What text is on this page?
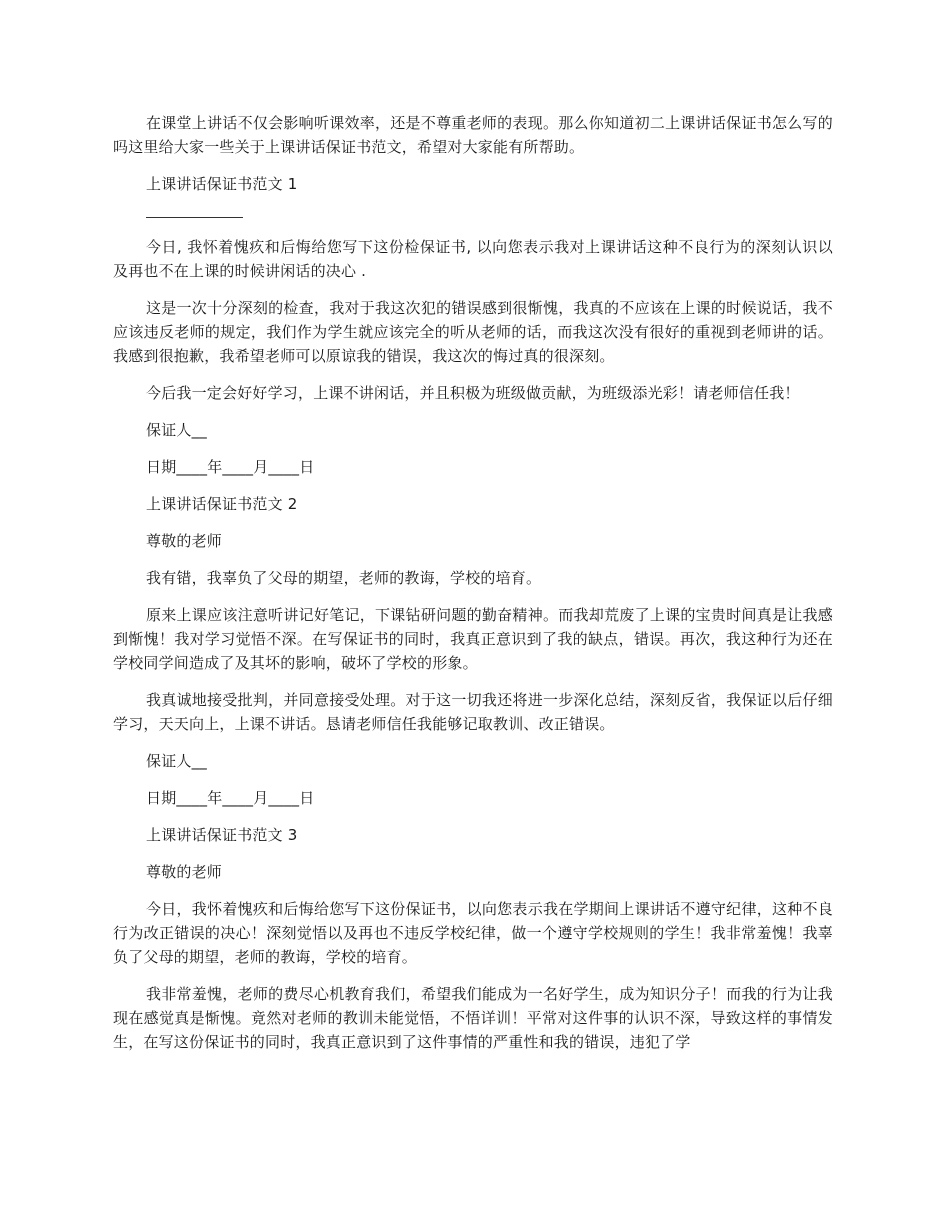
在课堂上讲话不仅会影响听课效率，还是不尊重老师的表现。那么你知道初二上课讲话保证书怎么写的吗这里给大家一些关于上课讲话保证书范文，希望对大家能有所帮助。

上课讲话保证书范文 1

今日, 我怀着愧疚和后悔给您写下这份检保证书, 以向您表示我对上课讲话这种不良行为的深刻认识以及再也不在上课的时候讲闲话的决心 .

这是一次十分深刻的检查，我对于我这次犯的错误感到很惭愧，我真的不应该在上课的时候说话，我不应该违反老师的规定，我们作为学生就应该完全的听从老师的话，而我这次没有很好的重视到老师讲的话。我感到很抱歉，我希望老师可以原谅我的错误，我这次的悔过真的很深刻。

今后我一定会好好学习，上课不讲闲话，并且积极为班级做贡献，为班级添光彩！请老师信任我！

保证人__

日期____年____月____日

上课讲话保证书范文 2

尊敬的老师

我有错，我辜负了父母的期望，老师的教诲，学校的培育。

原来上课应该注意听讲记好笔记，下课钻研问题的勤奋精神。而我却荒废了上课的宝贵时间真是让我感到惭愧！我对学习觉悟不深。在写保证书的同时，我真正意识到了我的缺点，错误。再次，我这种行为还在学校同学间造成了及其坏的影响，破坏了学校的形象。

我真诚地接受批判，并同意接受处理。对于这一切我还将进一步深化总结，深刻反省，我保证以后仔细学习，天天向上，上课不讲话。恳请老师信任我能够记取教训、改正错误。

保证人__

日期____年____月____日

上课讲话保证书范文 3

尊敬的老师

今日，我怀着愧疚和后悔给您写下这份保证书，以向您表示我在学期间上课讲话不遵守纪律，这种不良行为改正错误的决心！深刻觉悟以及再也不违反学校纪律，做一个遵守学校规则的学生！我非常羞愧！我辜负了父母的期望，老师的教诲，学校的培育。

我非常羞愧，老师的费尽心机教育我们，希望我们能成为一名好学生，成为知识分子！而我的行为让我现在感觉真是惭愧。竟然对老师的教训未能觉悟，不悟详训！平常对这件事的认识不深，导致这样的事情发生，在写这份保证书的同时，我真正意识到了这件事情的严重性和我的错误，违犯了学
